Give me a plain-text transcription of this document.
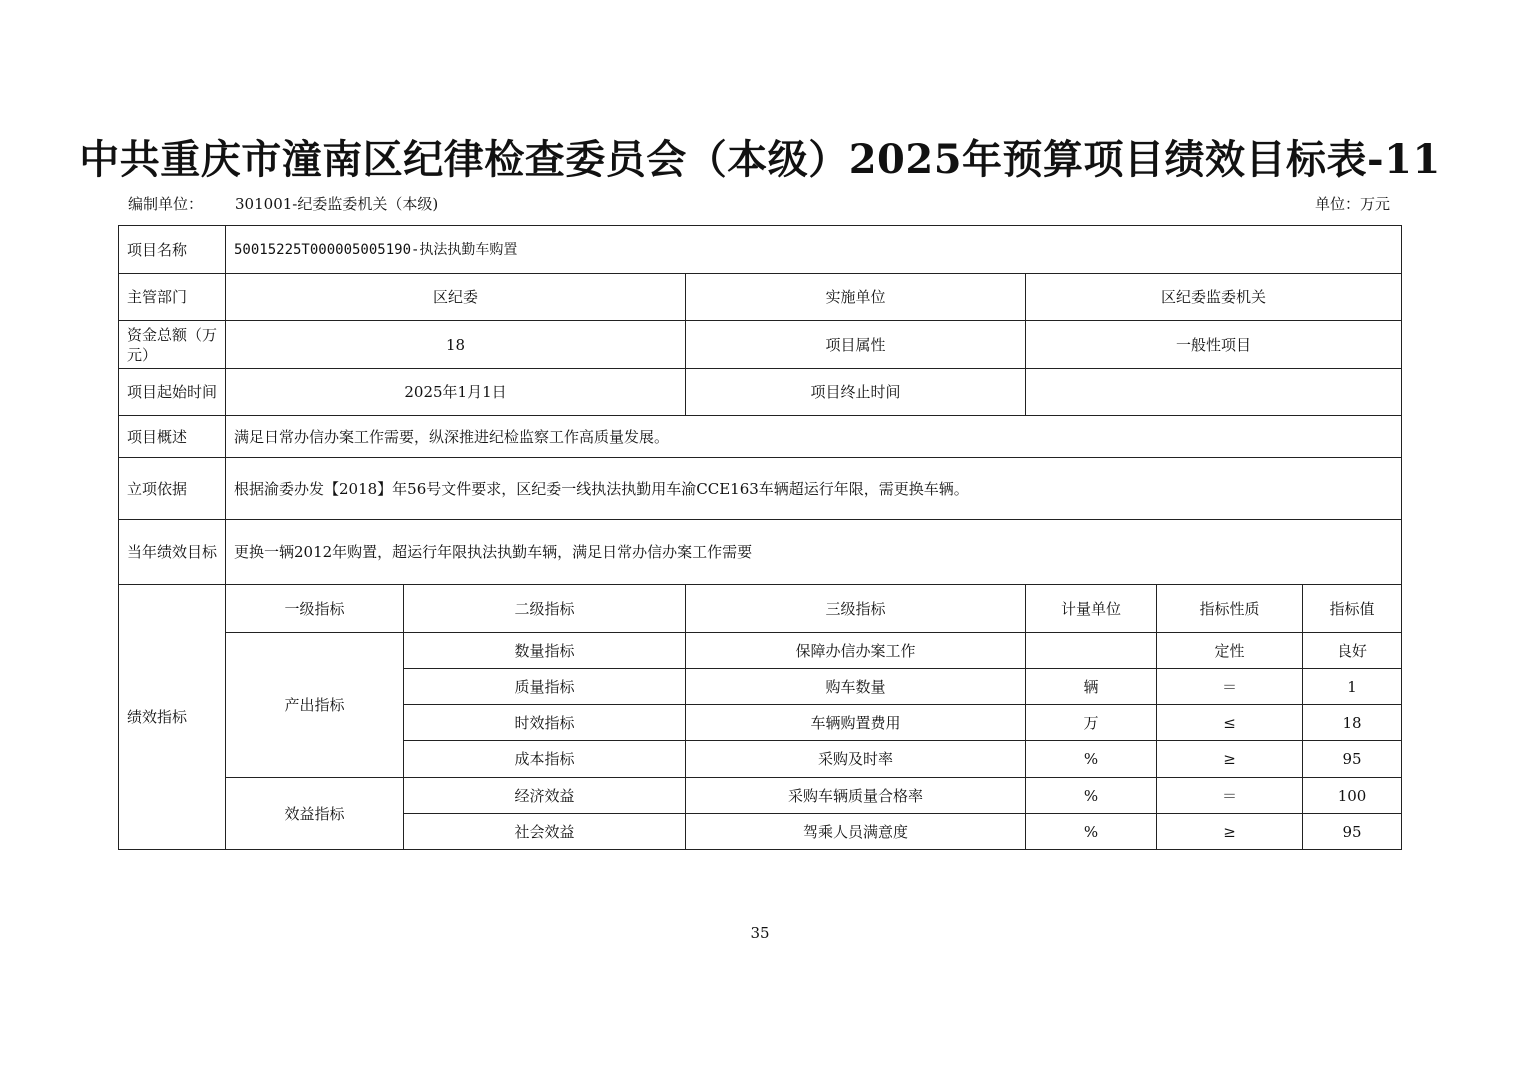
中共重庆市潼南区纪律检查委员会（本级）2025年预算项目绩效目标表-11
编制单位： 301001-纪委监委机关（本级)	单位：万元
项目名称	50015225T000005005190-执法执勤车购置					
主管部门	区纪委		实施单位	区纪委监委机关		
资金总额（万元）	18		项目属性	一般性项目		
项目起始时间	2025年1月1日		项目终止时间			
项目概述	满足日常办信办案工作需要，纵深推进纪检监察工作高质量发展。					
立项依据	根据渝委办发【2018】年56号文件要求，区纪委一线执法执勤用车渝CCE163车辆超运行年限，需更换车辆。					
当年绩效目标	更换一辆2012年购置，超运行年限执法执勤车辆，满足日常办信办案工作需要					
绩效指标	一级指标	二级指标	三级指标	计量单位	指标性质	指标值
	产出指标	数量指标	保障办信办案工作		定性	良好
		质量指标	购车数量	辆	＝	1
		时效指标	车辆购置费用	万	≤	18
		成本指标	采购及时率	%	≥	95
	效益指标	经济效益	采购车辆质量合格率	%	＝	100
		社会效益	驾乘人员满意度	%	≥	95
35
